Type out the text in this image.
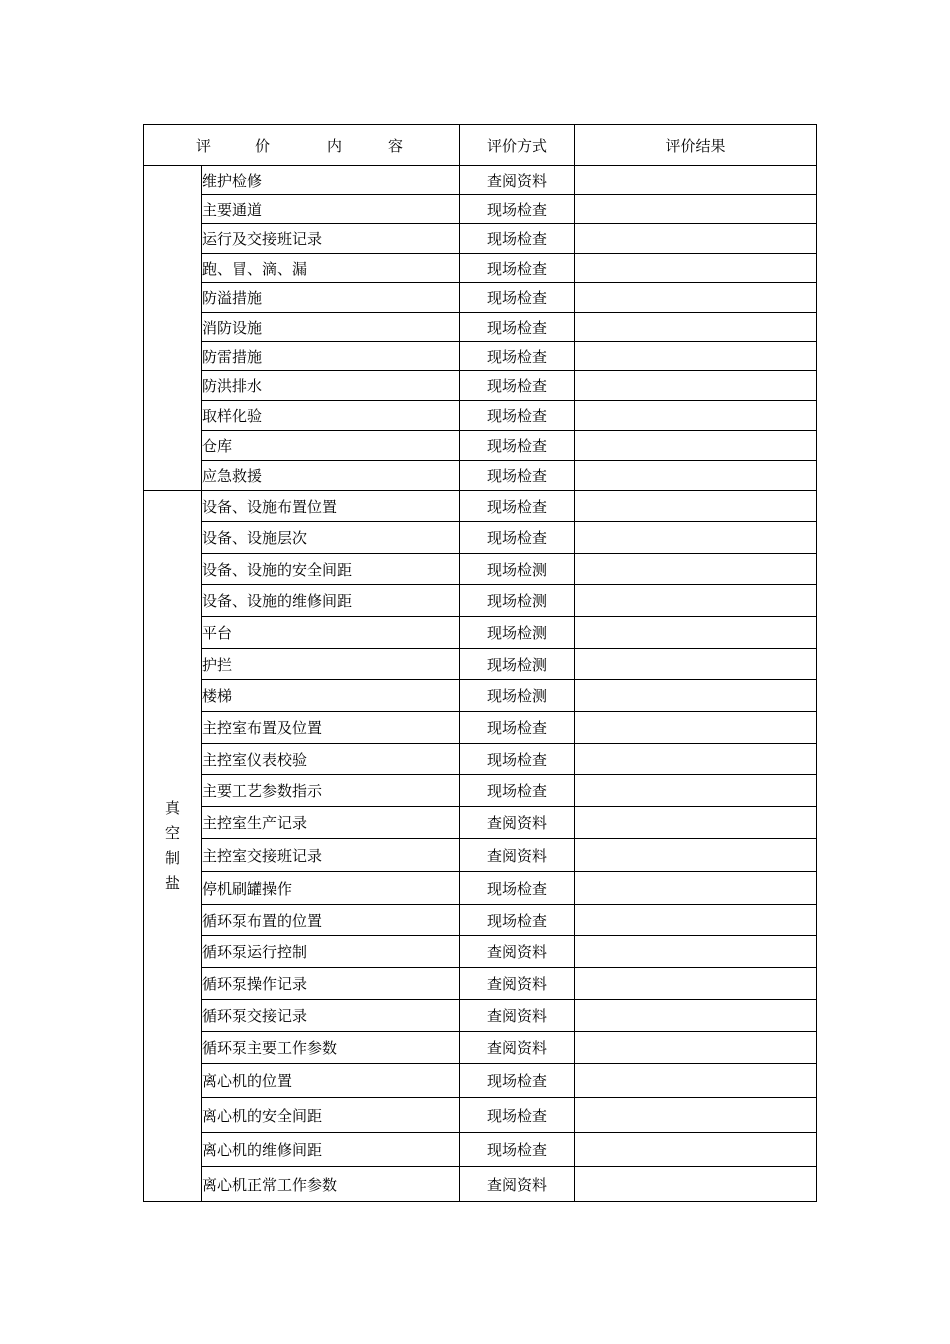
评 价 内 容		评价方式	评价结果
	维护检修	查阅资料	
	主要通道	现场检查	
	运行及交接班记录	现场检查	
	跑、冒、滴、漏	现场检查	
	防溢措施	现场检查	
	消防设施	现场检查	
	防雷措施	现场检查	
	防洪排水	现场检查	
	取样化验	现场检查	
	仓库	现场检查	
	应急救援	现场检查	
真空制盐	设备、设施布置位置	现场检查	
	设备、设施层次	现场检查	
	设备、设施的安全间距	现场检测	
	设备、设施的维修间距	现场检测	
	平台	现场检测	
	护拦	现场检测	
	楼梯	现场检测	
	主控室布置及位置	现场检查	
	主控室仪表校验	现场检查	
	主要工艺参数指示	现场检查	
	主控室生产记录	查阅资料	
	主控室交接班记录	查阅资料	
	停机刷罐操作	现场检查	
	循环泵布置的位置	现场检查	
	循环泵运行控制	查阅资料	
	循环泵操作记录	查阅资料	
	循环泵交接记录	查阅资料	
	循环泵主要工作参数	查阅资料	
	离心机的位置	现场检查	
	离心机的安全间距	现场检查	
	离心机的维修间距	现场检查	
	离心机正常工作参数	查阅资料	
